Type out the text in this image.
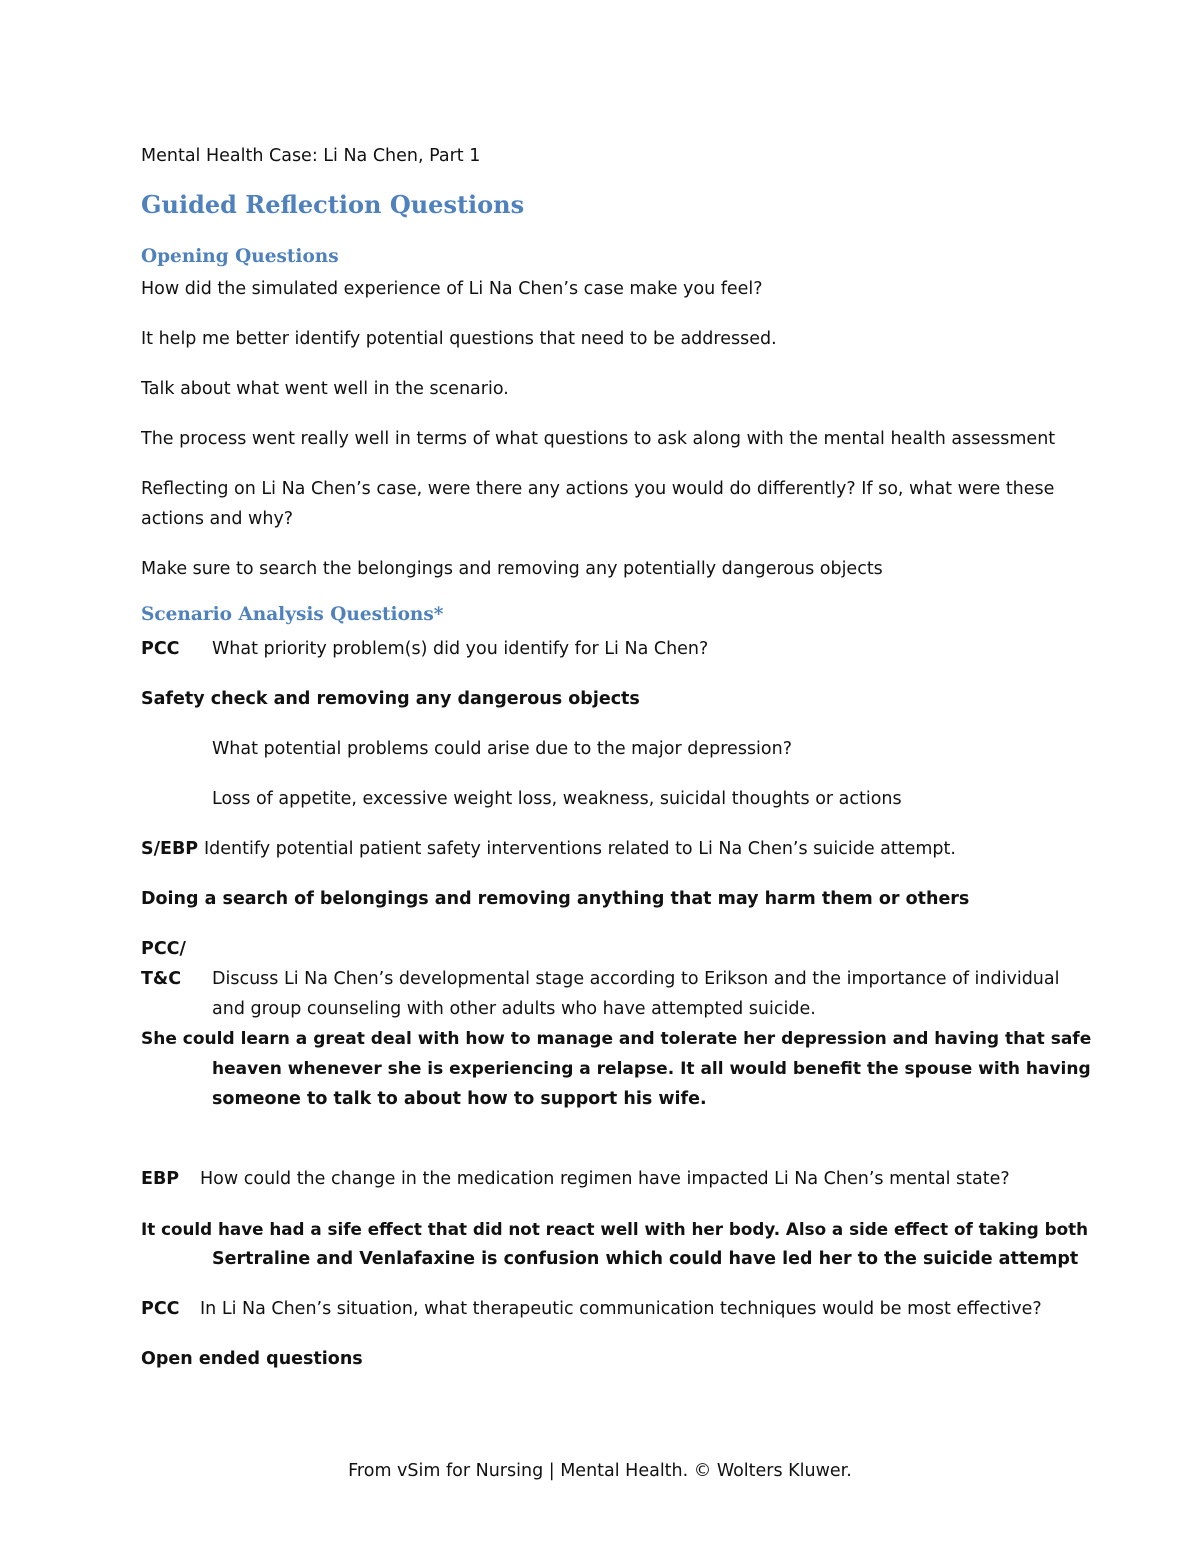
Mental Health Case: Li Na Chen, Part 1
Guided Reflection Questions
Opening Questions
How did the simulated experience of Li Na Chen’s case make you feel?
It help me better identify potential questions that need to be addressed.
Talk about what went well in the scenario.
The process went really well in terms of what questions to ask along with the mental health assessment
Reflecting on Li Na Chen’s case, were there any actions you would do differently? If so, what were these
actions and why?
Make sure to search the belongings and removing any potentially dangerous objects
Scenario Analysis Questions*
PCC What priority problem(s) did you identify for Li Na Chen?
Safety check and removing any dangerous objects
What potential problems could arise due to the major depression?
Loss of appetite, excessive weight loss, weakness, suicidal thoughts or actions
S/EBP Identify potential patient safety interventions related to Li Na Chen’s suicide attempt.
Doing a search of belongings and removing anything that may harm them or others
PCC/
T&C Discuss Li Na Chen’s developmental stage according to Erikson and the importance of individual
and group counseling with other adults who have attempted suicide.
She could learn a great deal with how to manage and tolerate her depression and having that safe
heaven whenever she is experiencing a relapse. It all would benefit the spouse with having
someone to talk to about how to support his wife.
EBP How could the change in the medication regimen have impacted Li Na Chen’s mental state?
It could have had a sife effect that did not react well with her body. Also a side effect of taking both
Sertraline and Venlafaxine is confusion which could have led her to the suicide attempt
PCC In Li Na Chen’s situation, what therapeutic communication techniques would be most effective?
Open ended questions
From vSim for Nursing | Mental Health. © Wolters Kluwer.
